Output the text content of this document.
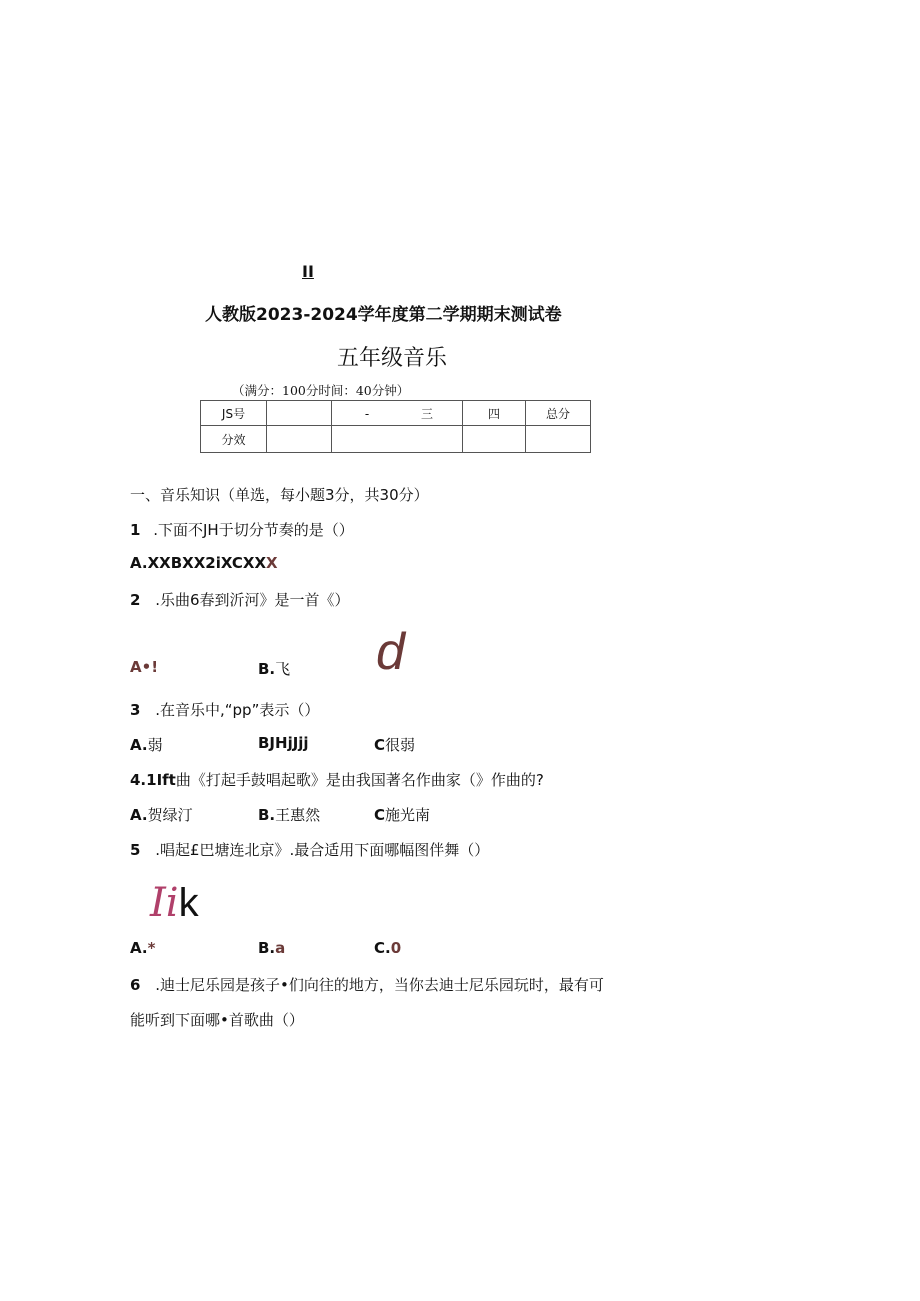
II
人教版2023-2024学年度第二学期期末测试卷
五年级音乐
（满分：100分时间：40分钟）
JS号		- 三	四	总分
分效				
一、音乐知识（单选，每小题3分，共30分）
1 .下面不JH于切分节奏的是（）
A.XXBXX2iXCXXX
2 .乐曲6春到沂河》是一首《）
d
A•!	B.飞
3 .在音乐中,“pp”表示（）
A.弱	BJHjJjj	C很弱
4.1Ift曲《打起手鼓唱起歌》是由我国著名作曲家（》作曲的?
A.贺绿汀	B.王惠然	C施光南
5 .唱起£巴塘连北京》.最合适用下面哪幅图伴舞（）
Iik
A.*	B.a	C.0
6 .迪士尼乐园是孩子•们向往的地方，当你去迪士尼乐园玩时，最有可
能听到下面哪•首歌曲（）
